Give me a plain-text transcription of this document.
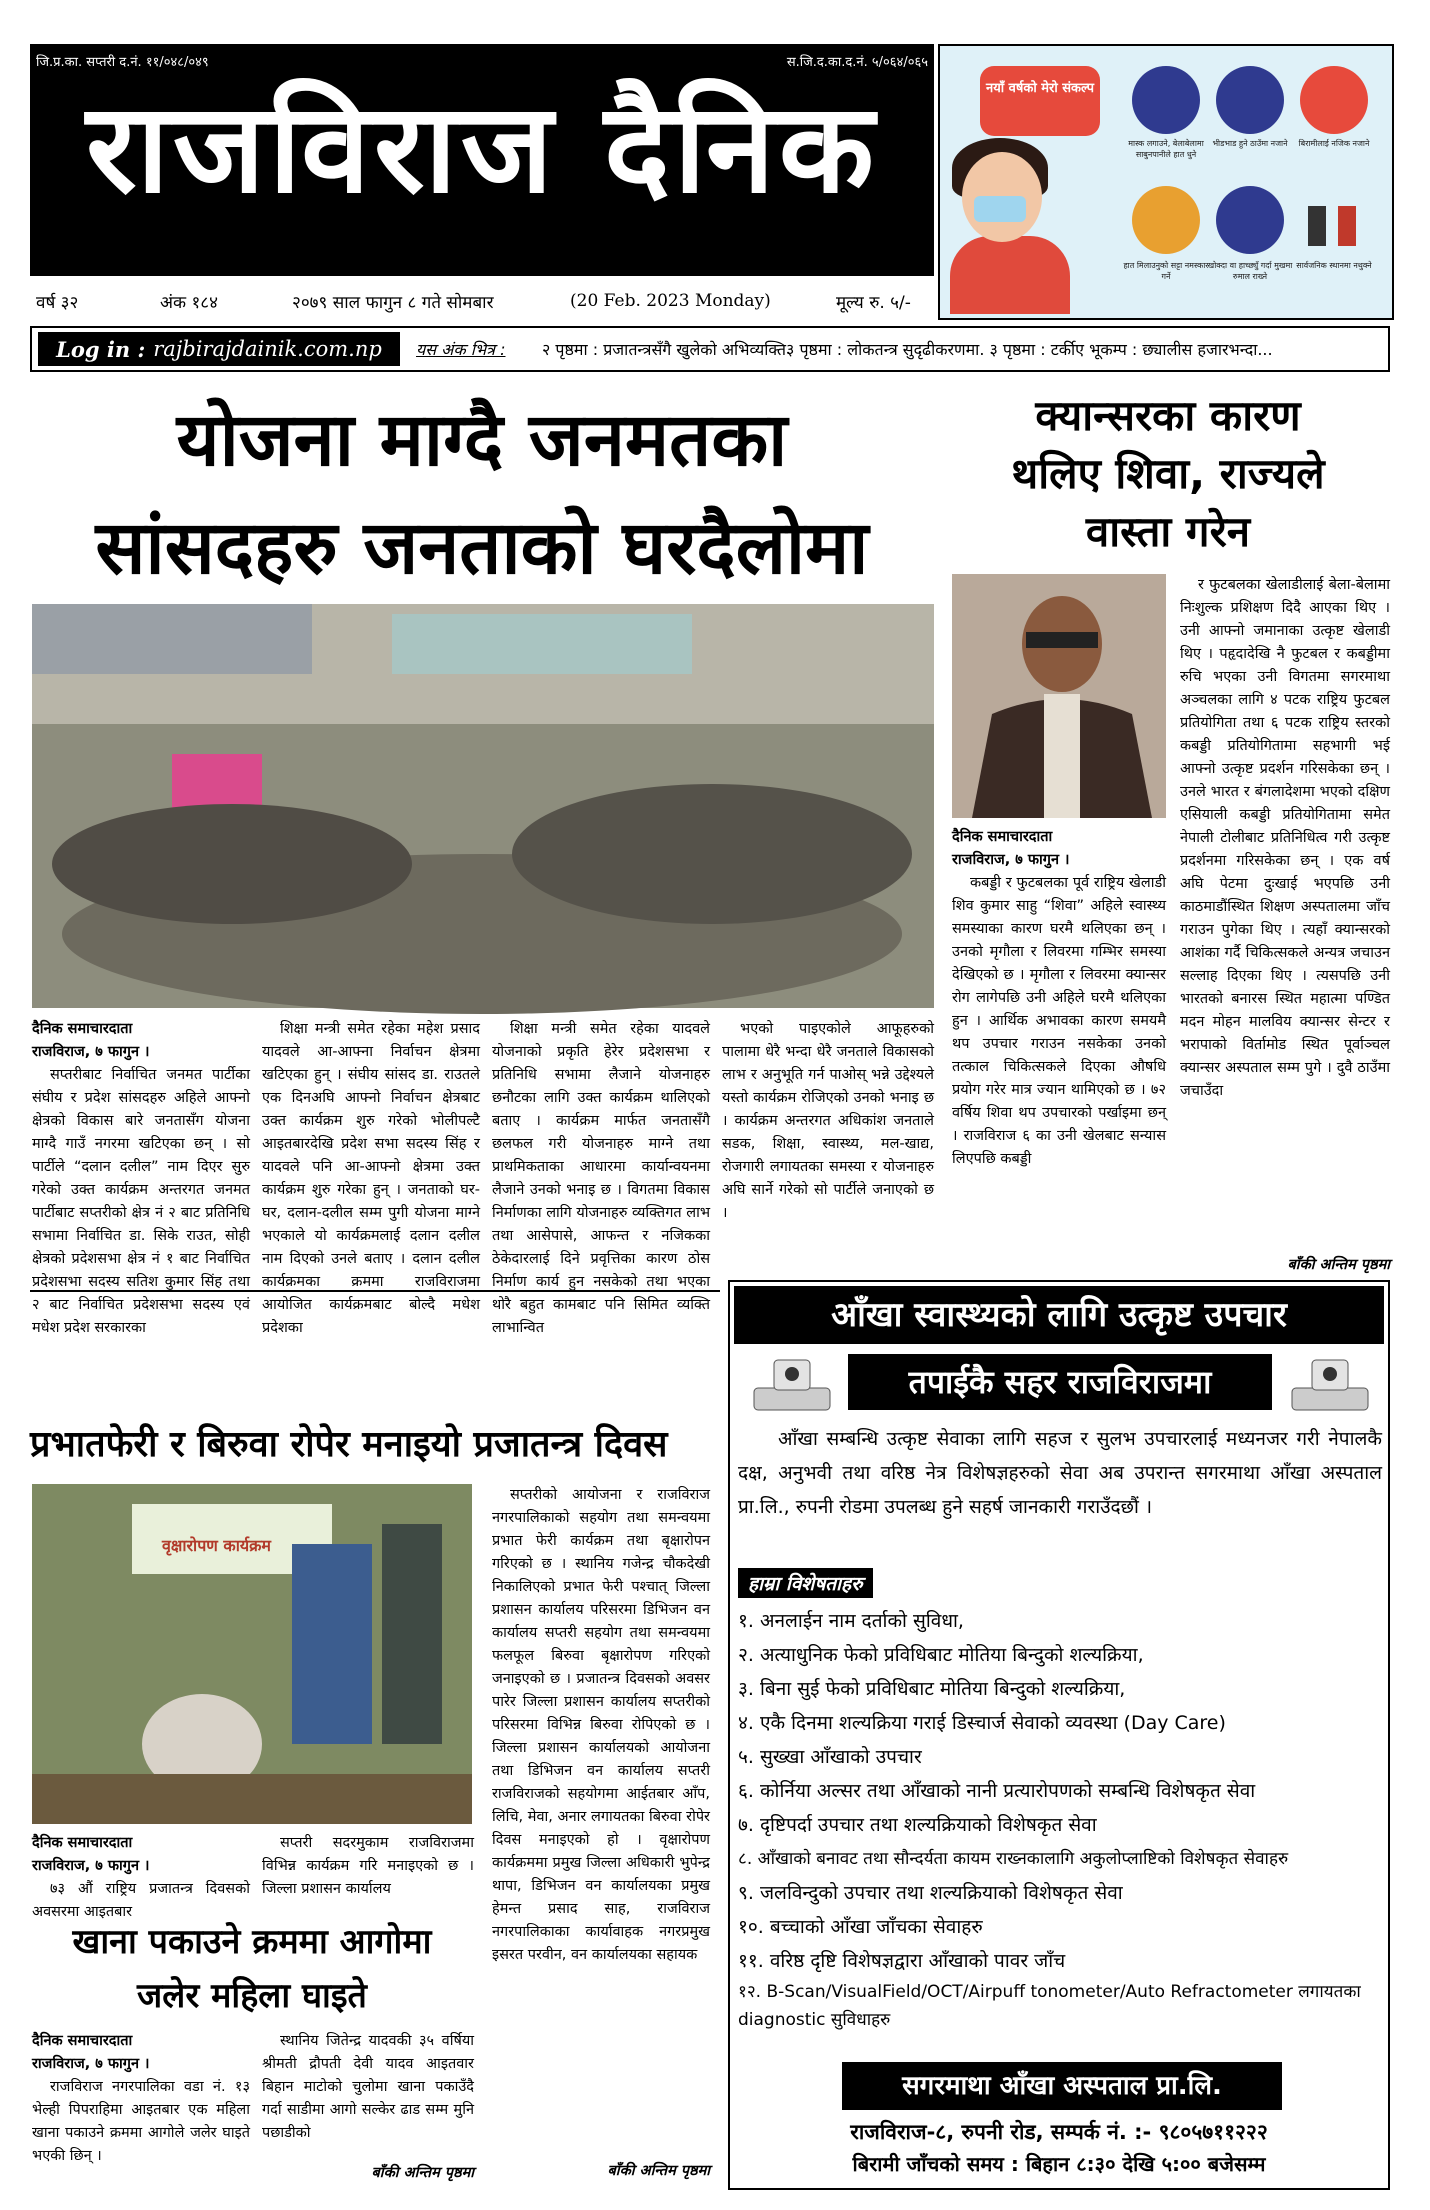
जि.प्र.का. सप्तरी द.नं. ११/०४८/०४९	स.जि.द.का.द.नं. ५/०६४/०६५
राजविराज दैनिक
वर्ष ३२	अंक १८४	२०७९ साल फागुन ८ गते सोमबार	(20 Feb. 2023 Monday)	मूल्य रु. ५/-
नयाँ वर्षको मेरो संकल्प
मास्क लगाउने, बेलाबेलामा साबुनपानीले हात धुने
भीडभाड हुने ठाउँमा नजाने	बिरामीलाई नजिक नजाने
हात मिलाउनुको सट्टा नमस्कार गर्ने
खोक्दा वा हाच्छ्युँ गर्दा मुखमा रुमाल राख्ने
सार्वजनिक स्थानमा नथुक्ने
Log in : rajbirajdainik.com.np यस अंक भित्र : २ पृष्ठमा : प्रजातन्त्रसँगै खुलेको अभिव्यक्ति३ पृष्ठमा : लोकतन्त्र सुदृढीकरणमा. ३ पृष्ठमा : टर्कीए भूकम्प : छ्यालीस हजारभन्दा...
योजना माग्दै जनमतका
सांसदहरु जनताको घरदैलोमा

दैनिक समाचारदाता

राजविराज, ७ फागुन ।

सप्तरीबाट निर्वाचित जनमत पार्टीका संघीय र प्रदेश सांसदहरु अहिले आफ्नो क्षेत्रको विकास बारे जनतासँग योजना माग्दै गाउँ नगरमा खटिएका छन् । सो पार्टीले “दलान दलील” नाम दिएर सुरु गरेको उक्त कार्यक्रम अन्तरगत जनमत पार्टीबाट सप्तरीको क्षेत्र नं २ बाट प्रतिनिधि सभामा निर्वाचित डा. सिके राउत, सोही क्षेत्रको प्रदेशसभा क्षेत्र नं १ बाट निर्वाचित प्रदेशसभा सदस्य सतिश कुमार सिंह तथा २ बाट निर्वाचित प्रदेशसभा सदस्य एवं मधेश प्रदेश सरकारका

शिक्षा मन्त्री समेत रहेका महेश प्रसाद यादवले आ-आफ्ना निर्वाचन क्षेत्रमा खटिएका हुन् । संघीय सांसद डा. राउतले एक दिनअघि आफ्नो निर्वाचन क्षेत्रबाट उक्त कार्यक्रम शुरु गरेको भोलीपल्टै आइतबारदेखि प्रदेश सभा सदस्य सिंह र यादवले पनि आ-आफ्नो क्षेत्रमा उक्त कार्यक्रम शुरु गरेका हुन् । जनताको घर-घर, दलान-दलील सम्म पुगी योजना माग्ने भएकाले यो कार्यक्रमलाई दलान दलील नाम दिएको उनले बताए । दलान दलील कार्यक्रमका क्रममा राजविराजमा आयोजित कार्यक्रमबाट बोल्दै मधेश प्रदेशका

शिक्षा मन्त्री समेत रहेका यादवले योजनाको प्रकृति हेरेर प्रदेशसभा र प्रतिनिधि सभामा लैजाने योजनाहरु छनौटका लागि उक्त कार्यक्रम थालिएको बताए । कार्यक्रम मार्फत जनतासँगै छलफल गरी योजनाहरु माग्ने तथा प्राथमिकताका आधारमा कार्यान्वयनमा लैजाने उनको भनाइ छ । विगतमा विकास निर्माणका लागि योजनाहरु व्यक्तिगत लाभ तथा आसेपासे, आफन्त र नजिकका ठेकेदारलाई दिने प्रवृत्तिका कारण ठोस निर्माण कार्य हुन नसकेको तथा भएका थोरै बहुत कामबाट पनि सिमित व्यक्ति लाभान्वित

भएको पाइएकोले आफूहरुको पालामा धेरै भन्दा धेरै जनताले विकासको लाभ र अनुभूति गर्न पाओस् भन्ने उद्देश्यले यस्तो कार्यक्रम रोजिएको उनको भनाइ छ । कार्यक्रम अन्तरगत अधिकांश जनताले सडक, शिक्षा, स्वास्थ्य, मल-खाद्य, रोजगारी लगायतका समस्या र योजनाहरु अघि सार्ने गरेको सो पार्टीले जनाएको छ ।

क्यान्सरका कारण
थलिए शिवा, राज्यले
वास्ता गरेन

दैनिक समाचारदाता

राजविराज, ७ फागुन ।

कबड्डी र फुटबलका पूर्व राष्ट्रिय खेलाडी शिव कुमार साहु “शिवा” अहिले स्वास्थ्य समस्याका कारण घरमै थलिएका छन् । उनको मृगौला र लिवरमा गम्भिर समस्या देखिएको छ । मृगौला र लिवरमा क्यान्सर रोग लागेपछि उनी अहिले घरमै थलिएका हुन । आर्थिक अभावका कारण समयमै थप उपचार गराउन नसकेका उनको तत्काल चिकित्सकले दिएका औषधि प्रयोग गरेर मात्र ज्यान थामिएको छ । ७२ वर्षिय शिवा थप उपचारको पर्खाइमा छन् । राजविराज ६ का उनी खेलबाट सन्यास लिएपछि कबड्डी

र फुटबलका खेलाडीलाई बेला-बेलामा निःशुल्क प्रशिक्षण दिदै आएका थिए । उनी आफ्नो जमानाका उत्कृष्ट खेलाडी थिए । पहृदादेखि नै फुटबल र कबड्डीमा रुचि भएका उनी विगतमा सगरमाथा अञ्चलका लागि ४ पटक राष्ट्रिय फुटबल प्रतियोगिता तथा ६ पटक राष्ट्रिय स्तरको कबड्डी प्रतियोगितामा सहभागी भई आफ्नो उत्कृष्ट प्रदर्शन गरिसकेका छन् । उनले भारत र बंगलादेशमा भएको दक्षिण एसियाली कबड्डी प्रतियोगितामा समेत नेपाली टोलीबाट प्रतिनिधित्व गरी उत्कृष्ट प्रदर्शनमा गरिसकेका छन् । एक वर्ष अघि पेटमा दुःखाई भएपछि उनी काठमाडौंस्थित शिक्षण अस्पतालमा जाँच गराउन पुगेका थिए । त्यहाँ क्यान्सरको आशंका गर्दै चिकित्सकले अन्यत्र जचाउन सल्लाह दिएका थिए । त्यसपछि उनी भारतको बनारस स्थित महात्मा पण्डित मदन मोहन मालविय क्यान्सर सेन्टर र भरापाको विर्तामोड स्थित पूर्वाञ्चल क्यान्सर अस्पताल सम्म पुगे । दुवै ठाउँमा जचाउँदा

बाँकी अन्तिम पृष्ठमा
प्रभातफेरी र बिरुवा रोपेर मनाइयो प्रजातन्त्र दिवस
वृक्षारोपण कार्यक्रम

दैनिक समाचारदाता

राजविराज, ७ फागुन ।

७३ औं राष्ट्रिय प्रजातन्त्र दिवसको अवसरमा आइतबार

सप्तरी सदरमुकाम राजविराजमा विभिन्न कार्यक्रम गरि मनाइएको छ । जिल्ला प्रशासन कार्यालय

सप्तरीको आयोजना र राजविराज नगरपालिकाको सहयोग तथा समन्वयमा प्रभात फेरी कार्यक्रम तथा बृक्षारोपन गरिएको छ । स्थानिय गजेन्द्र चौकदेखी निकालिएको प्रभात फेरी पश्चात् जिल्ला प्रशासन कार्यालय परिसरमा डिभिजन वन कार्यालय सप्तरी सहयोग तथा समन्वयमा फलफूल बिरुवा बृक्षारोपण गरिएको जनाइएको छ । प्रजातन्त्र दिवसको अवसर पारेर जिल्ला प्रशासन कार्यालय सप्तरीको परिसरमा विभिन्न बिरुवा रोपिएको छ । जिल्ला प्रशासन कार्यालयको आयोजना तथा डिभिजन वन कार्यालय सप्तरी राजविराजको सहयोगमा आईतबार आँप, लिचि, मेवा, अनार लगायतका बिरुवा रोपेर दिवस मनाइएको हो । वृक्षारोपण कार्यक्रममा प्रमुख जिल्ला अधिकारी भुपेन्द्र थापा, डिभिजन वन कार्यालयका प्रमुख हेमन्त प्रसाद साह, राजविराज नगरपालिकाका कार्यावाहक नगरप्रमुख इसरत परवीन, वन कार्यालयका सहायक

बाँकी अन्तिम पृष्ठमा
खाना पकाउने क्रममा आगोमा
जलेर महिला घाइते

दैनिक समाचारदाता

राजविराज, ७ फागुन ।

राजविराज नगरपालिका वडा नं. १३ भेल्ही पिपराहिमा आइतबार एक महिला खाना पकाउने क्रममा आगोले जलेर घाइते भएकी छिन् ।

स्थानिय जितेन्द्र यादवकी ३५ वर्षिया श्रीमती द्रौपती देवी यादव आइतवार बिहान माटोको चुलोमा खाना पकाउँदै गर्दा साडीमा आगो सल्केर ढाड सम्म मुनि पछाडीको

बाँकी अन्तिम पृष्ठमा
आँखा स्वास्थ्यको लागि उत्कृष्ट उपचार
तपाईकै सहर राजविराजमा
आँखा सम्बन्धि उत्कृष्ट सेवाका लागि सहज र सुलभ उपचारलाई मध्यनजर गरी नेपालकै दक्ष, अनुभवी तथा वरिष्ठ नेत्र विशेषज्ञहरुको सेवा अब उपरान्त सगरमाथा आँखा अस्पताल प्रा.लि., रुपनी रोडमा उपलब्ध हुने सहर्ष जानकारी गराउँदछौं ।
हाम्रा विशेषताहरु
१. अनलाईन नाम दर्ताको सुविधा,
२. अत्याधुनिक फेको प्रविधिबाट मोतिया बिन्दुको शल्यक्रिया,
३. बिना सुई फेको प्रविधिबाट मोतिया बिन्दुको शल्यक्रिया,
४. एकै दिनमा शल्यक्रिया गराई डिस्चार्ज सेवाको व्यवस्था (Day Care)
५. सुख्खा आँखाको उपचार
६. कोर्निया अल्सर तथा आँखाको नानी प्रत्यारोपणको सम्बन्धि विशेषकृत सेवा
७. दृष्टिपर्दा उपचार तथा शल्यक्रियाको विशेषकृत सेवा
८. आँखाको बनावट तथा सौन्दर्यता कायम राख्नकालागि अकुलोप्लाष्टिको विशेषकृत सेवाहरु
९. जलविन्दुको उपचार तथा शल्यक्रियाको विशेषकृत सेवा
१०. बच्चाको आँखा जाँचका सेवाहरु
११. वरिष्ठ दृष्टि विशेषज्ञद्वारा आँखाको पावर जाँच
१२. B-Scan/VisualField/OCT/Airpuff tonometer/Auto Refractometer लगायतका diagnostic सुविधाहरु
सगरमाथा आँखा अस्पताल प्रा.लि.
राजविराज-८, रुपनी रोड, सम्पर्क नं. :- ९८०५७११२२२
बिरामी जाँचको समय : बिहान ८:३० देखि ५:०० बजेसम्म
